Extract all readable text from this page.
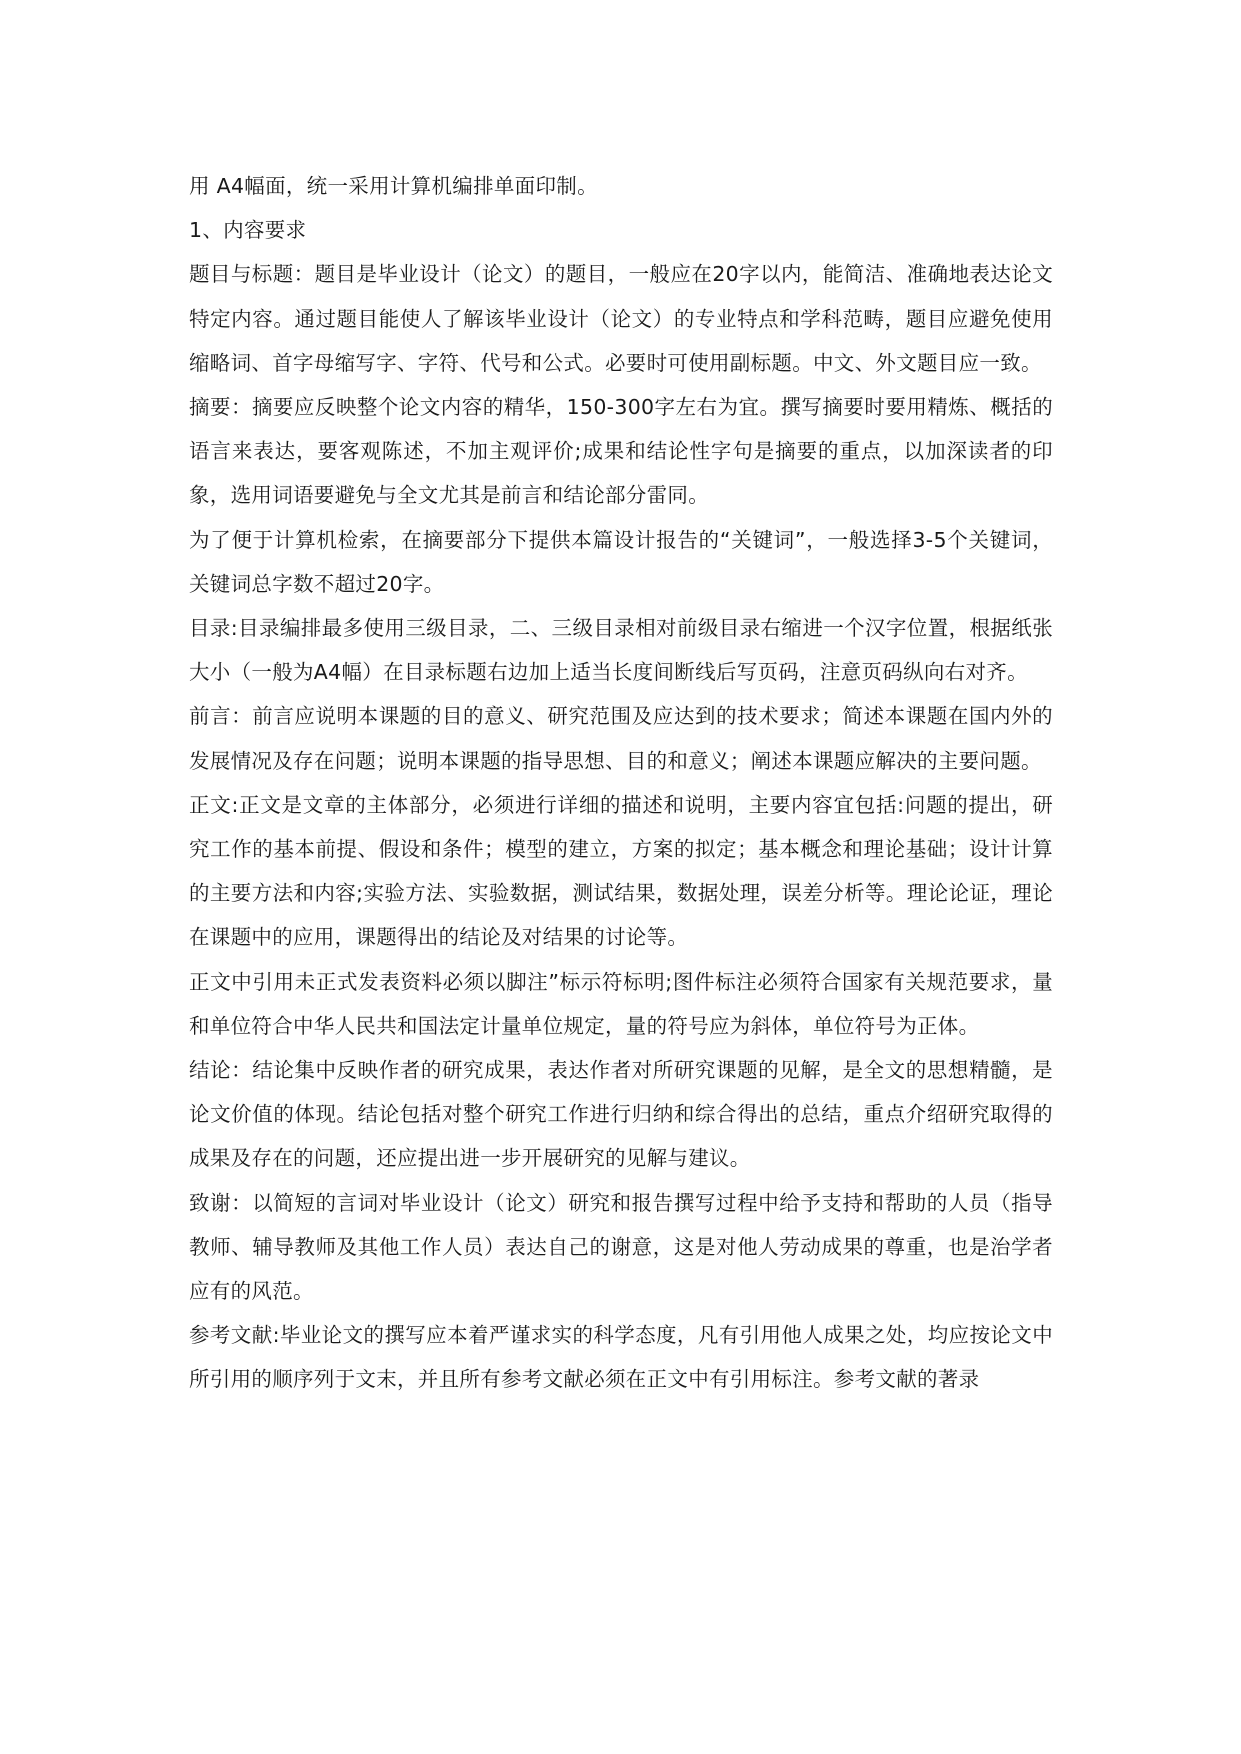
用 A4幅面，统一采用计算机编排单面印制。

1、内容要求

题目与标题：题目是毕业设计（论文）的题目，一般应在20字以内，能简洁、准确地表达论文特定内容。通过题目能使人了解该毕业设计（论文）的专业特点和学科范畴，题目应避免使用缩略词、首字母缩写字、字符、代号和公式。必要时可使用副标题。中文、外文题目应一致。

摘要：摘要应反映整个论文内容的精华，150-300字左右为宜。撰写摘要时要用精炼、概括的语言来表达，要客观陈述，不加主观评价;成果和结论性字句是摘要的重点，以加深读者的印象，选用词语要避免与全文尤其是前言和结论部分雷同。

为了便于计算机检索，在摘要部分下提供本篇设计报告的“关键词”，一般选择3-5个关键词，关键词总字数不超过20字。

目录:目录编排最多使用三级目录，二、三级目录相对前级目录右缩进一个汉字位置，根据纸张大小（一般为A4幅）在目录标题右边加上适当长度间断线后写页码，注意页码纵向右对齐。

前言：前言应说明本课题的目的意义、研究范围及应达到的技术要求；简述本课题在国内外的发展情况及存在问题；说明本课题的指导思想、目的和意义；阐述本课题应解决的主要问题。

正文:正文是文章的主体部分，必须进行详细的描述和说明，主要内容宜包括:问题的提出，研究工作的基本前提、假设和条件；模型的建立，方案的拟定；基本概念和理论基础；设计计算的主要方法和内容;实验方法、实验数据，测试结果，数据处理，误差分析等。理论论证，理论在课题中的应用，课题得出的结论及对结果的讨论等。

正文中引用未正式发表资料必须以脚注”标示符标明;图件标注必须符合国家有关规范要求，量和单位符合中华人民共和国法定计量单位规定，量的符号应为斜体，单位符号为正体。

结论：结论集中反映作者的研究成果，表达作者对所研究课题的见解，是全文的思想精髓，是论文价值的体现。结论包括对整个研究工作进行归纳和综合得出的总结，重点介绍研究取得的成果及存在的问题，还应提出进一步开展研究的见解与建议。

致谢：以简短的言词对毕业设计（论文）研究和报告撰写过程中给予支持和帮助的人员（指导教师、辅导教师及其他工作人员）表达自己的谢意，这是对他人劳动成果的尊重，也是治学者应有的风范。

参考文献:毕业论文的撰写应本着严谨求实的科学态度，凡有引用他人成果之处，均应按论文中所引用的顺序列于文末，并且所有参考文献必须在正文中有引用标注。参考文献的著录
